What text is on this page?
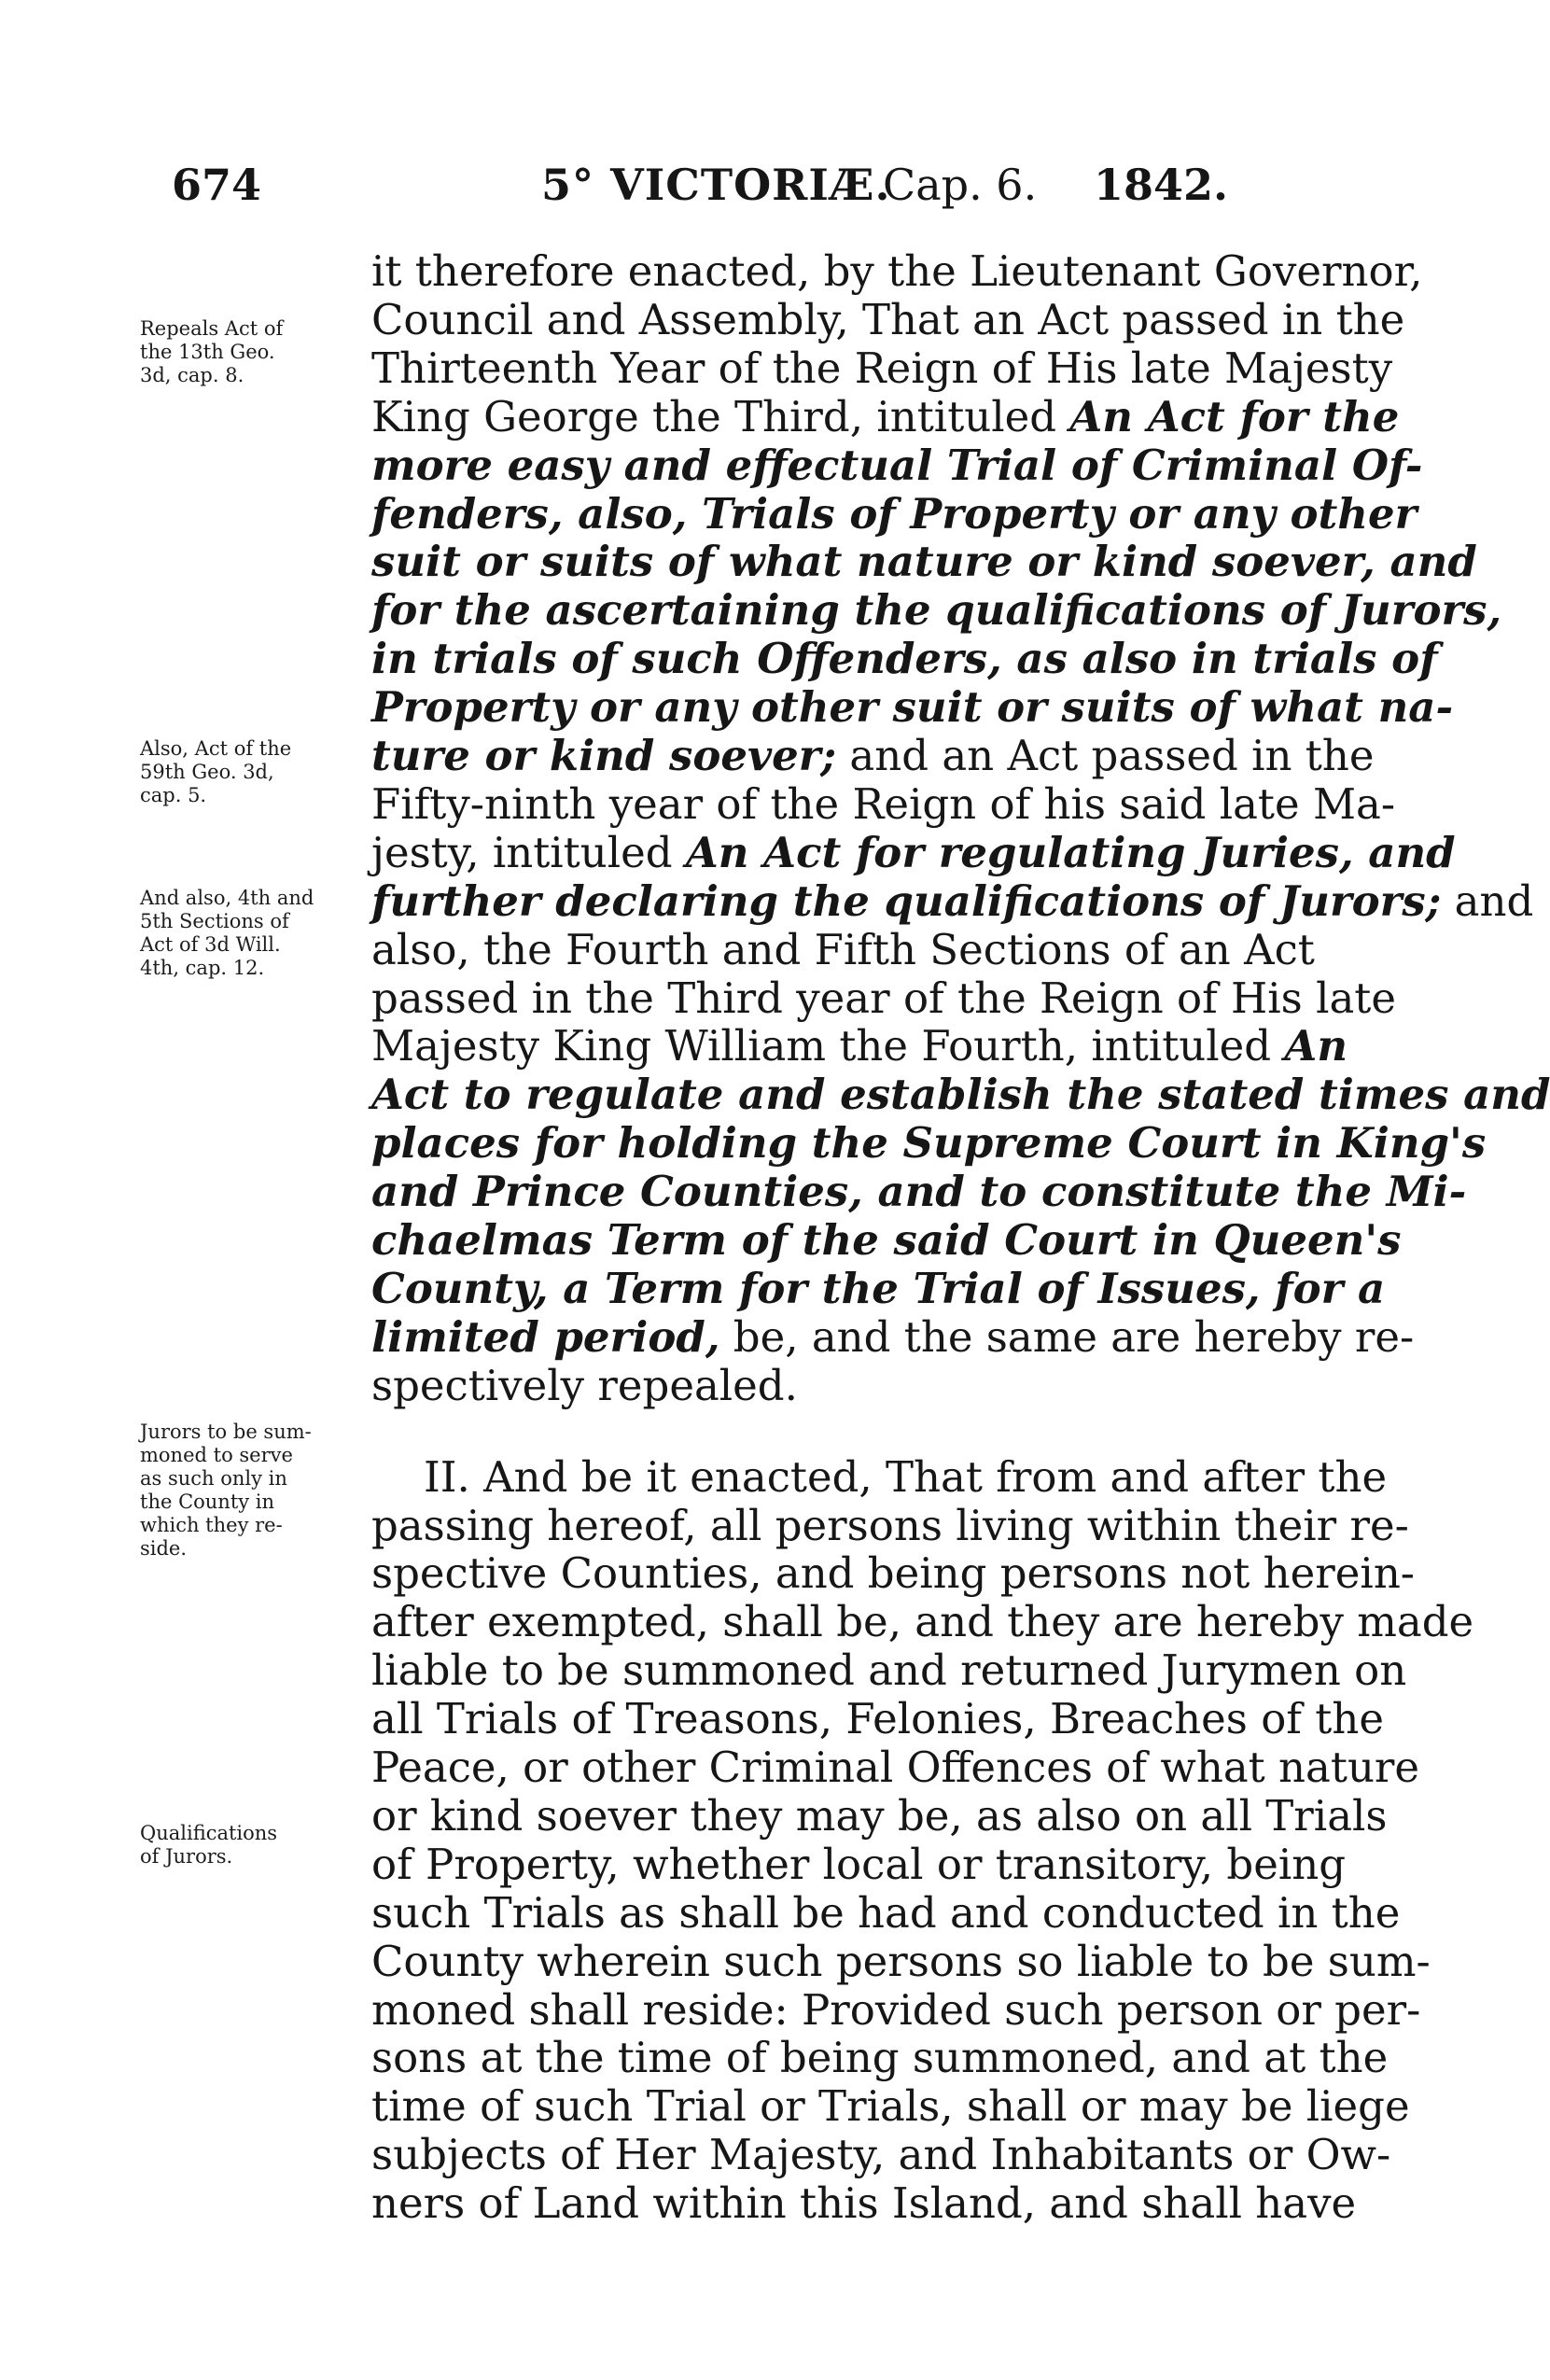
674	5° VICTORIÆ.
Cap. 6. 1842.
Repeals Act of
the 13th Geo.
3d, cap. 8.
Also, Act of the
59th Geo. 3d,
cap. 5.
And also, 4th and
5th Sections of
Act of 3d Will.
4th, cap. 12.
Jurors to be sum-
moned to serve
as such only in
the County in
which they re-
side.
Qualifications
of Jurors.
it therefore enacted, by the Lieutenant Governor,
Council and Assembly, That an Act passed in the
Thirteenth Year of the Reign of His late Majesty
King George the Third, intituled An Act for the
more easy and effectual Trial of Criminal Of-
fenders, also, Trials of Property or any other
suit or suits of what nature or kind soever, and
for the ascertaining the qualifications of Jurors,
in trials of such Offenders, as also in trials of
Property or any other suit or suits of what na-
ture or kind soever; and an Act passed in the
Fifty-ninth year of the Reign of his said late Ma-
jesty, intituled An Act for regulating Juries, and
further declaring the qualifications of Jurors; and
also, the Fourth and Fifth Sections of an Act
passed in the Third year of the Reign of His late
Majesty King William the Fourth, intituled An
Act to regulate and establish the stated times and
places for holding the Supreme Court in King's
and Prince Counties, and to constitute the Mi-
chaelmas Term of the said Court in Queen's
County, a Term for the Trial of Issues, for a
limited period, be, and the same are hereby re-
spectively repealed.
II. And be it enacted, That from and after the
passing hereof, all persons living within their re-
spective Counties, and being persons not herein-
after exempted, shall be, and they are hereby made
liable to be summoned and returned Jurymen on
all Trials of Treasons, Felonies, Breaches of the
Peace, or other Criminal Offences of what nature
or kind soever they may be, as also on all Trials
of Property, whether local or transitory, being
such Trials as shall be had and conducted in the
County wherein such persons so liable to be sum-
moned shall reside: Provided such person or per-
sons at the time of being summoned, and at the
time of such Trial or Trials, shall or may be liege
subjects of Her Majesty, and Inhabitants or Ow-
ners of Land within this Island, and shall have
